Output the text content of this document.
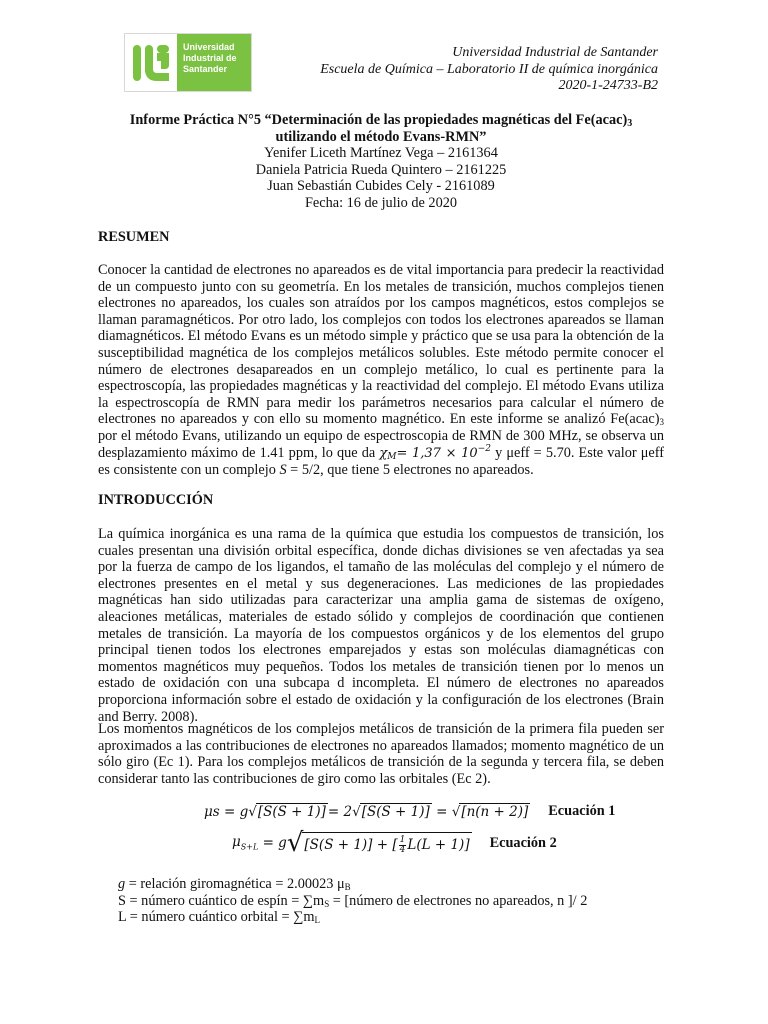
Universidad
Industrial de
Santander
Universidad Industrial de Santander
Escuela de Química – Laboratorio II de química inorgánica
2020-1-24733-B2
Informe Práctica N°5 “Determinación de las propiedades magnéticas del $Fe(acac)_3$
utilizando el método Evans-RMN”
Yenifer Liceth Martínez Vega – 2161364
Daniela Patricia Rueda Quintero – 2161225
Juan Sebastián Cubides Cely - 2161089
Fecha: 16 de julio de 2020
RESUMEN
Conocer la cantidad de electrones no apareados es de vital importancia para predecir la reactividad de un compuesto junto con su geometría. En los metales de transición, muchos complejos tienen electrones no apareados, los cuales son atraídos por los campos magnéticos, estos complejos se llaman paramagnéticos. Por otro lado, los complejos con todos los electrones apareados se llaman diamagnéticos. El método Evans es un método simple y práctico que se usa para la obtención de la susceptibilidad magnética de los complejos metálicos solubles. Este método permite conocer el número de electrones desapareados en un complejo metálico, lo cual es pertinente para la espectroscopía, las propiedades magnéticas y la reactividad del complejo. El método Evans utiliza la espectroscopía de RMN para medir los parámetros necesarios para calcular el número de electrones no apareados y con ello su momento magnético. En este informe se analizó $Fe(acac)_3$ por el método Evans, utilizando un equipo de espectroscopia de RMN de 300 MHz, se observa un desplazamiento máximo de 1.41 ppm, lo que da $\chi_M= 1,37 \times 10^{-2}$ y μeff = 5.70. Este valor μeff es consistente con un complejo S = 5/2, que tiene 5 electrones no apareados.
INTRODUCCIÓN
La química inorgánica es una rama de la química que estudia los compuestos de transición, los cuales presentan una división orbital específica, donde dichas divisiones se ven afectadas ya sea por la fuerza de campo de los ligandos, el tamaño de las moléculas del complejo y el número de electrones presentes en el metal y sus degeneraciones. Las mediciones de las propiedades magnéticas han sido utilizadas para caracterizar una amplia gama de sistemas de oxígeno, aleaciones metálicas, materiales de estado sólido y complejos de coordinación que contienen metales de transición. La mayoría de los compuestos orgánicos y de los elementos del grupo principal tienen todos los electrones emparejados y estas son moléculas diamagnéticas con momentos magnéticos muy pequeños. Todos los metales de transición tienen por lo menos un estado de oxidación con una subcapa d incompleta. El número de electrones no apareados proporciona información sobre el estado de oxidación y la configuración de los electrones (Brain and Berry. 2008).
Los momentos magnéticos de los complejos metálicos de transición de la primera fila pueden ser aproximados a las contribuciones de electrones no apareados llamados; momento magnético de un sólo giro (Ec 1). Para los complejos metálicos de transición de la segunda y tercera fila, se deben considerar tanto las contribuciones de giro como las orbitales (Ec 2).
μs = g √ [S(S + 1)] = 2 √ [S(S + 1)] = √ [n(n + 2)] Ecuación 1
$\mu_{S+L} = g$ √ [S(S + 1)] + [ $\frac{1}{4} L(L + 1)$] Ecuación 2
g = relación giromagnética = 2.00023 $\mu_B$
S = número cuántico de espín = $\sum m_S$ = [número de electrones no apareados, n ]/ 2
L = número cuántico orbital = $\sum m_L$
